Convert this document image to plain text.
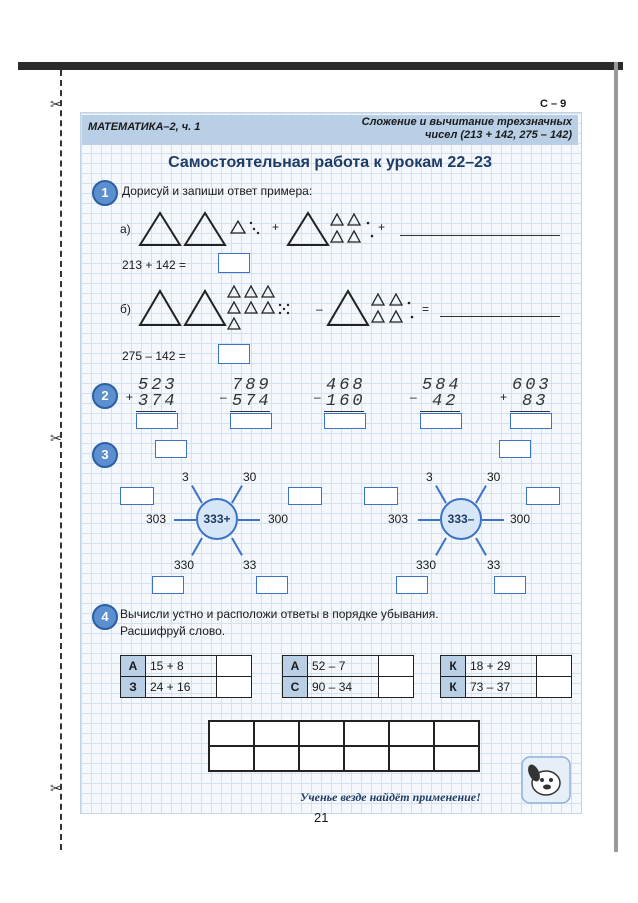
✂
✂
✂
С – 9
МАТЕМАТИКА–2, ч. 1	Сложение и вычитание трехзначных
чисел (213 + 142, 275 – 142)
Самостоятельная работа к урокам 22–23
1	Дорисуй и запиши ответ примера:
а)	+	+
213 + 142 =
б)	–	=
275 – 142 =
2	+
523
374	–
789
574	–
468
160	–
584
42	+
603
83
3
3	30
303	333+	300
330	33
3	30
303	333–	300
330	33
4 Вычисли устно и расположи ответы в порядке убывания.
Расшифруй слово.
А	15 + 8	
З	24 + 16	
А	52 – 7	
С	90 – 34	
К	18 + 29	
К	73 – 37	

Ученье везде найдёт применение!
21
